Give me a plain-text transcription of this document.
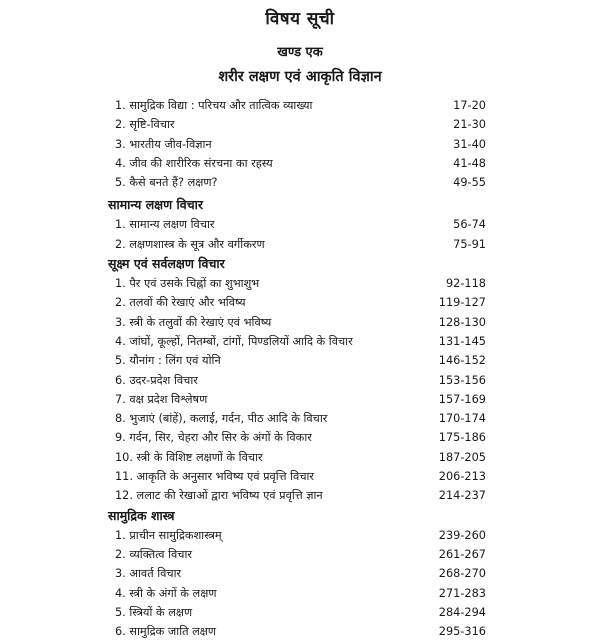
विषय सूची
खण्ड एक
शरीर लक्षण एवं आकृति विज्ञान
1. सामुद्रिक विद्या : परिचय और तात्विक व्याख्या	17-20
2. सृष्टि-विचार	21-30
3. भारतीय जीव-विज्ञान	31-40
4. जीव की शारीरिक संरचना का रहस्य	41-48
5. कैसे बनते हैं? लक्षण?	49-55
सामान्य लक्षण विचार
1. सामान्य लक्षण विचार	56-74
2. लक्षणशास्त्र के सूत्र और वर्गीकरण	75-91
सूक्ष्म एवं सर्वलक्षण विचार
1. पैर एवं उसके चिह्नों का शुभाशुभ	92-118
2. तलवों की रेखाएं और भविष्य	119-127
3. स्त्री के तलुवों की रेखाएं एवं भविष्य	128-130
4. जांघों, कूल्हों, नितम्बों, टांगों, पिण्डलियों आदि के विचार	131-145
5. यौनांग : लिंग एवं योनि	146-152
6. उदर-प्रदेश विचार	153-156
7. वक्ष प्रदेश विश्लेषण	157-169
8. भुजाएं (बांहें), कलाई, गर्दन, पीठ आदि के विचार	170-174
9. गर्दन, सिर, चेहरा और सिर के अंगों के विकार	175-186
10. स्त्री के विशिष्ट लक्षणों के विचार	187-205
11. आकृति के अनुसार भविष्य एवं प्रवृत्ति विचार	206-213
12. ललाट की रेखाओं द्वारा भविष्य एवं प्रवृत्ति ज्ञान	214-237
सामुद्रिक शास्त्र
1. प्राचीन सामुद्रिकशास्त्रम्	239-260
2. व्यक्तित्व विचार	261-267
3. आवर्त विचार	268-270
4. स्त्री के अंगों के लक्षण	271-283
5. स्त्रियों के लक्षण	284-294
6. सामुद्रिक जाति लक्षण	295-316
